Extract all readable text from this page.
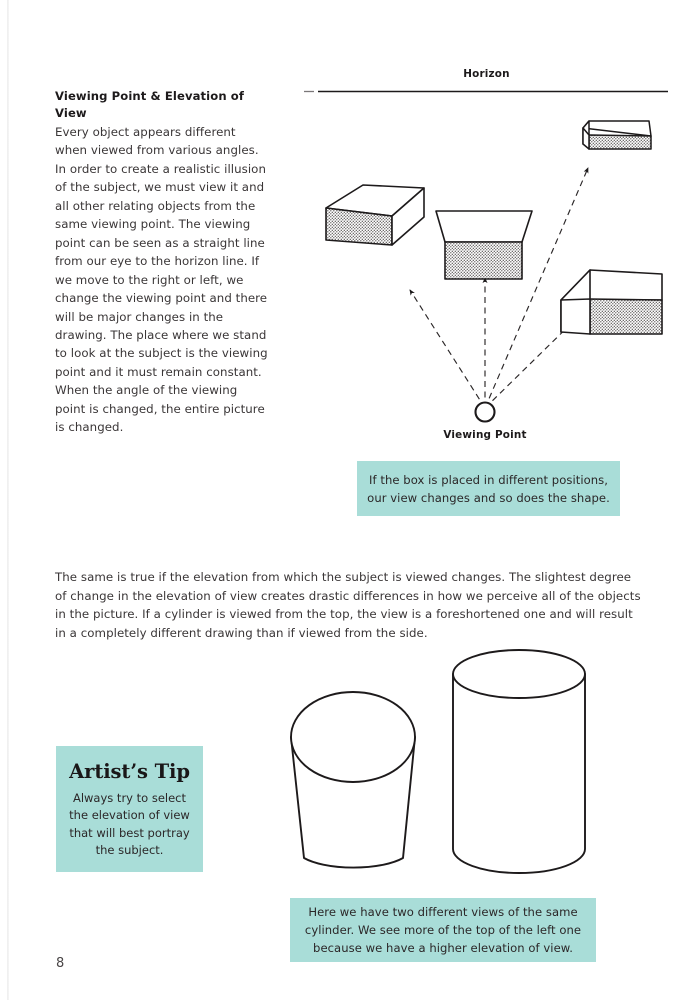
Viewing Point & Elevation of View

Every object appears different when viewed from various angles. In order to create a realistic illusion of the subject, we must view it and all other relating objects from the same viewing point. The viewing point can be seen as a straight line from our eye to the horizon line. If we move to the right or left, we change the viewing point and there will be major changes in the drawing. The place where we stand to look at the subject is the viewing point and it must remain constant. When the angle of the viewing point is changed, the entire picture is changed.

Horizon
Viewing Point

If the box is placed in different positions, our view changes and so does the shape.

The same is true if the elevation from which the subject is viewed changes. The slightest degree of change in the elevation of view creates drastic differences in how we perceive all of the objects in the picture. If a cylinder is viewed from the top, the view is a foreshortened one and will result in a completely different drawing than if viewed from the side.

Artist’s Tip

Always try to select the elevation of view that will best portray the subject.

Here we have two different views of the same cylinder. We see more of the top of the left one because we have a higher elevation of view.

8
